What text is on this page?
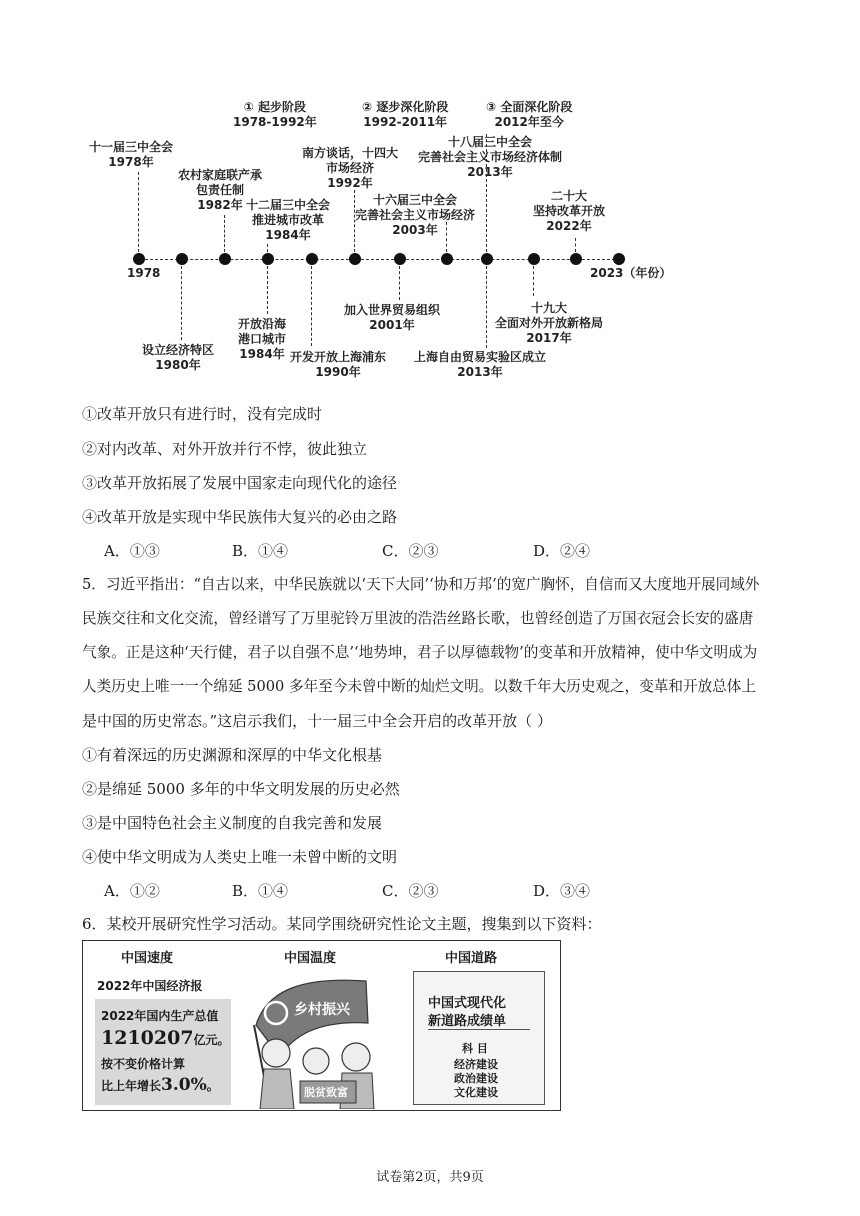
① 起步阶段
1978-1992年
② 逐步深化阶段
1992-2011年
③ 全面深化阶段
2012年至今
1978	2023（年份）
十一届三中全会
1978年
农村家庭联产承
包责任制
1982年 十二届三中全会
推进城市改革
1984年
南方谈话，十四大
市场经济
1992年
十六届三中全会
完善社会主义市场经济
2003年
十八届三中全会
完善社会主义市场经济体制
2013年
二十大
坚持改革开放
2022年
设立经济特区
1980年
开放沿海
港口城市
1984年 开发开放上海浦东
1990年
加入世界贸易组织
2001年
上海自由贸易实验区成立
2013年
十九大
全面对外开放新格局
2017年
①改革开放只有进行时，没有完成时
②对内改革、对外开放并行不悖，彼此独立
③改革开放拓展了发展中国家走向现代化的途径
④改革开放是实现中华民族伟大复兴的必由之路
A．①③	B．①④	C．②③	D．②④
5．习近平指出：“自古以来，中华民族就以‘天下大同’‘协和万邦’的宽广胸怀，自信而又大度地开展同域外
民族交往和文化交流，曾经谱写了万里驼铃万里波的浩浩丝路长歌，也曾经创造了万国衣冠会长安的盛唐
气象。正是这种‘天行健，君子以自强不息’‘地势坤，君子以厚德载物’的变革和开放精神，使中华文明成为
人类历史上唯一一个绵延 5000 多年至今未曾中断的灿烂文明。以数千年大历史观之，变革和开放总体上
是中国的历史常态。”这启示我们，十一届三中全会开启的改革开放（ ）
①有着深远的历史渊源和深厚的中华文化根基
②是绵延 5000 多年的中华文明发展的历史必然
③是中国特色社会主义制度的自我完善和发展
④使中华文明成为人类史上唯一未曾中断的文明
A．①②	B．①④	C．②③	D．③④
6．某校开展研究性学习活动。某同学围绕研究性论文主题，搜集到以下资料：
中国速度
2022年中国经济报
2022年国内生产总值
1210207亿元。
按不变价格计算
比上年增长3.0%。
中国温度
乡村振兴
脱贫致富
中国道路
中国式现代化
新道路成绩单
科 目
经济建设
政治建设
文化建设
试卷第2页，共9页
